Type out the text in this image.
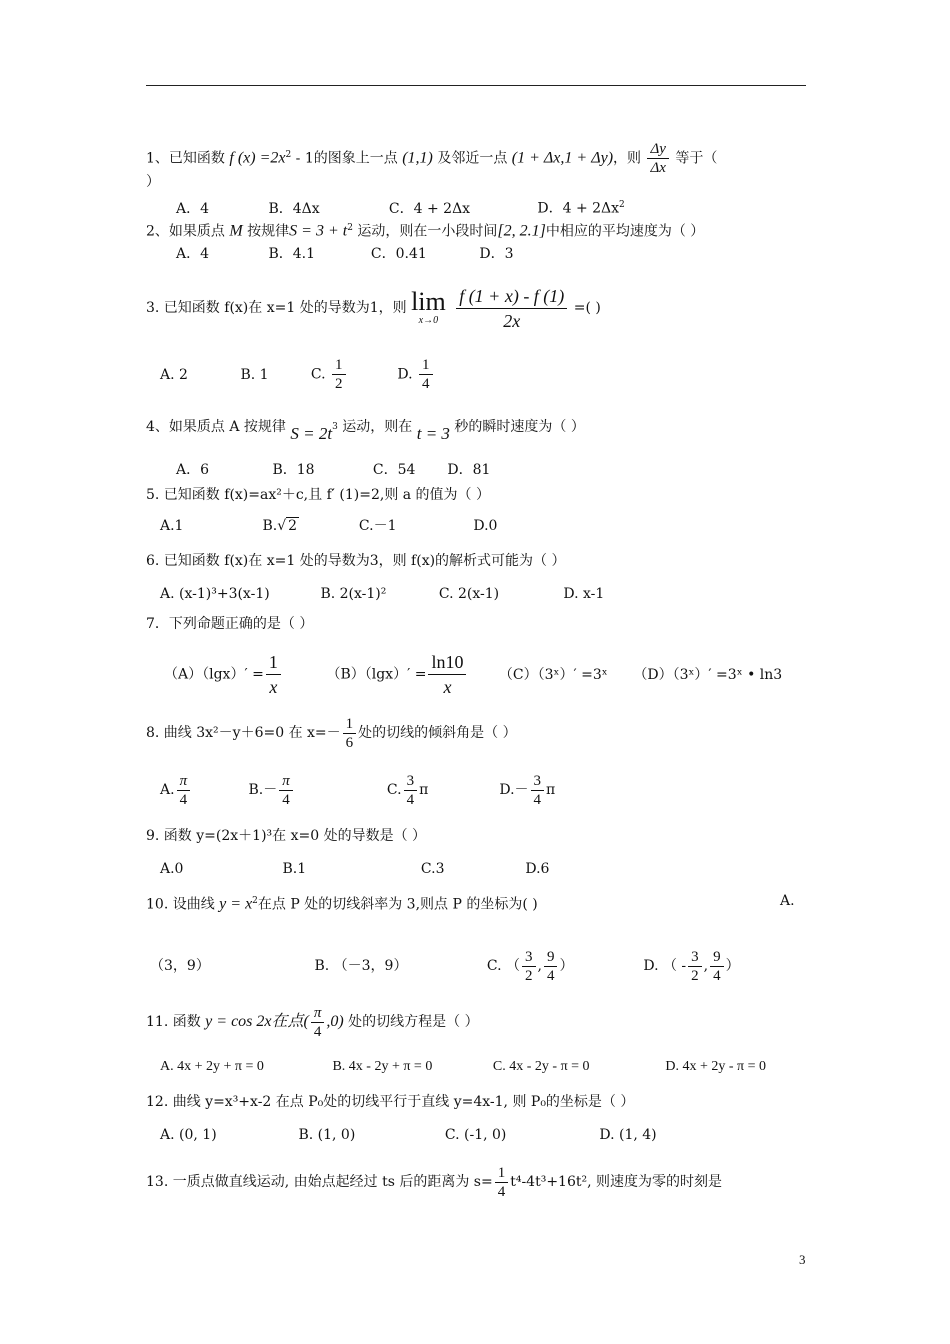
1、已知函数 f $(x) =2x^2 - 1$的图象上一点 (1,1) 及邻近一点 (1 + Δx,1 + Δy)，则 $\frac{\Delta y}{\Delta x}$ 等于（
）
A．4	B．4Δx	C．4 + 2Δx	D．$4 + 2\Delta x^2$
2、如果质点 M 按规律$S = 3 + t^2$ 运动，则在一小段时间[2, 2.1]中相应的平均速度为（ ）
A．4	B．4.1	C．0.41	D．3
3. 已知函数 f(x)在 x=1 处的导数为1，则 lim
x→0
$\frac{f (1 + x) - f (1)}{2x}$ =( )
A. 2	B. 1	C. $\frac{1}{2}$	D. $\frac{1}{4}$
4、如果质点 A 按规律 $S = 2t^3$ 运动，则在 t = 3 秒的瞬时速度为（ ）
A．6	B．18	C．54 D．81
5. 已知函数 f(x)=ax²＋c,且 f′ (1)=2,则 a 的值为（ ）
A.1	B.√ 2	C.－1	D.0
6. 已知函数 f(x)在 x=1 处的导数为3，则 f(x)的解析式可能为（ ）
A. (x-1)³+3(x-1)	B. 2(x-1)²	C. 2(x-1)	D. x-1
7．下列命题正确的是（ ）
$(A)(\lg x)' = \frac{1}{x}$	$(B)(\lg x)' = \frac{\ln 10}{x}$ （C）（3ˣ）′ =3ˣ （D）（3ˣ）′ =3ˣ • ln3
8. 曲线 3x²－y＋6=0 在 $x=- \frac{1}{6}$ 处的切线的倾斜角是（ ）
A. $\frac{\pi}{4}$	$B.- \frac{\pi}{4}$	C. $\frac{3}{4}$ π	$D.- \frac{3}{4}$ π
9. 函数 y=(2x＋1)³在 x=0 处的导数是（ ）
A.0	B.1	C.3	D.6
10. 设曲线 $y = x^2$在点 P 处的切线斜率为 3,则点 P 的坐标为( )	A.
（3，9）	B. （－3，9）	C. （ $\frac{3}{2}$ , $\frac{9}{4}$ ）	D. （ - $\frac{3}{2}$ , $\frac{9}{4}$ ）
11. 函数 y = cos 2x在点( $\frac{\pi}{4} ,0$) 处的切线方程是（ ）
A. 4x + 2y + π = 0	B. 4x - 2y + π = 0	C. 4x - 2y - π = 0	D. 4x + 2y - π = 0
12. 曲线 y=x³+x-2 在点 P₀处的切线平行于直线 y=4x-1, 则 P₀的坐标是（ ）
A. (0, 1)	B. (1, 0)	C. (-1, 0)	D. (1, 4)
13. 一质点做直线运动, 由始点起经过 ts 后的距离为 $s= \frac{1}{4} t^4-4t^3+16t^2$, 则速度为零的时刻是
3
